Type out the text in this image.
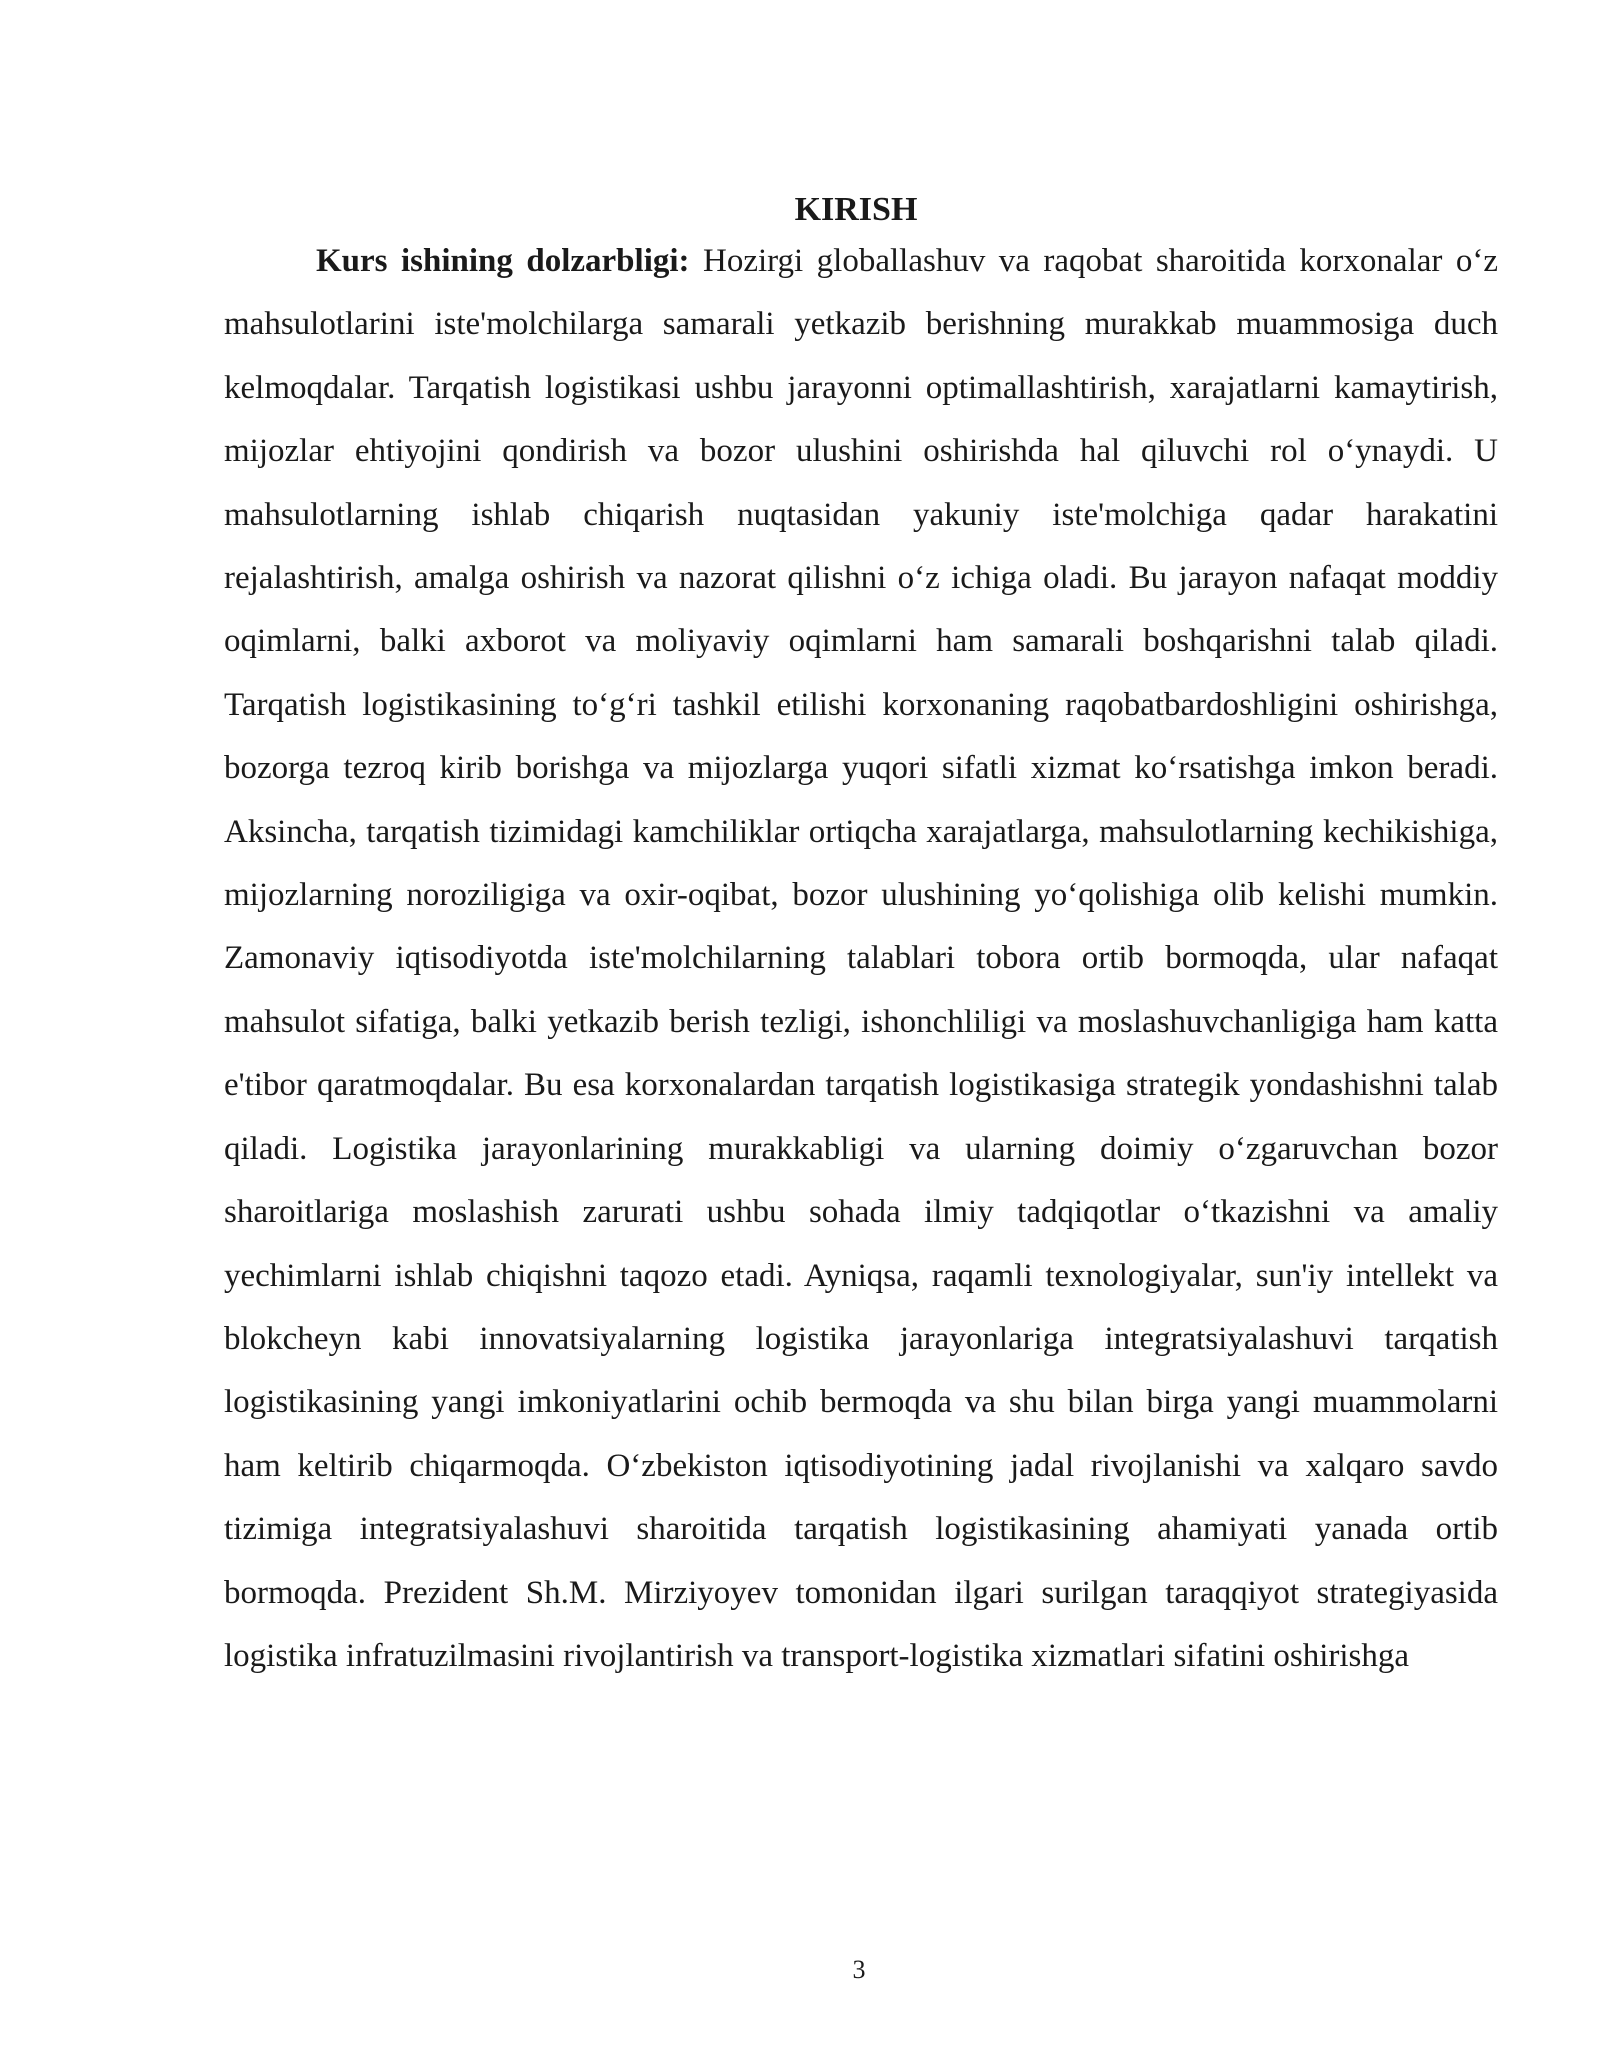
KIRISH

Kurs ishining dolzarbligi: Hozirgi globallashuv va raqobat sharoitida korxonalar o‘z mahsulotlarini iste'molchilarga samarali yetkazib berishning murakkab muammosiga duch kelmoqdalar. Tarqatish logistikasi ushbu jarayonni optimallashtirish, xarajatlarni kamaytirish, mijozlar ehtiyojini qondirish va bozor ulushini oshirishda hal qiluvchi rol o‘ynaydi. U mahsulotlarning ishlab chiqarish nuqtasidan yakuniy iste'molchiga qadar harakatini rejalashtirish, amalga oshirish va nazorat qilishni o‘z ichiga oladi. Bu jarayon nafaqat moddiy oqimlarni, balki axborot va moliyaviy oqimlarni ham samarali boshqarishni talab qiladi. Tarqatish logistikasining to‘g‘ri tashkil etilishi korxonaning raqobatbardoshligini oshirishga, bozorga tezroq kirib borishga va mijozlarga yuqori sifatli xizmat ko‘rsatishga imkon beradi. Aksincha, tarqatish tizimidagi kamchiliklar ortiqcha xarajatlarga, mahsulotlarning kechikishiga, mijozlarning noroziligiga va oxir-oqibat, bozor ulushining yo‘qolishiga olib kelishi mumkin. Zamonaviy iqtisodiyotda iste'molchilarning talablari tobora ortib bormoqda, ular nafaqat mahsulot sifatiga, balki yetkazib berish tezligi, ishonchliligi va moslashuvchanligiga ham katta e'tibor qaratmoqdalar. Bu esa korxonalardan tarqatish logistikasiga strategik yondashishni talab qiladi. Logistika jarayonlarining murakkabligi va ularning doimiy o‘zgaruvchan bozor sharoitlariga moslashish zarurati ushbu sohada ilmiy tadqiqotlar o‘tkazishni va amaliy yechimlarni ishlab chiqishni taqozo etadi. Ayniqsa, raqamli texnologiyalar, sun'iy intellekt va blokcheyn kabi innovatsiyalarning logistika jarayonlariga integratsiyalashuvi tarqatish logistikasining yangi imkoniyatlarini ochib bermoqda va shu bilan birga yangi muammolarni ham keltirib chiqarmoqda. O‘zbekiston iqtisodiyotining jadal rivojlanishi va xalqaro savdo tizimiga integratsiyalashuvi sharoitida tarqatish logistikasining ahamiyati yanada ortib bormoqda. Prezident Sh.M. Mirziyoyev tomonidan ilgari surilgan taraqqiyot strategiyasida logistika infratuzilmasini rivojlantirish va transport-logistika xizmatlari sifatini oshirishga

3
